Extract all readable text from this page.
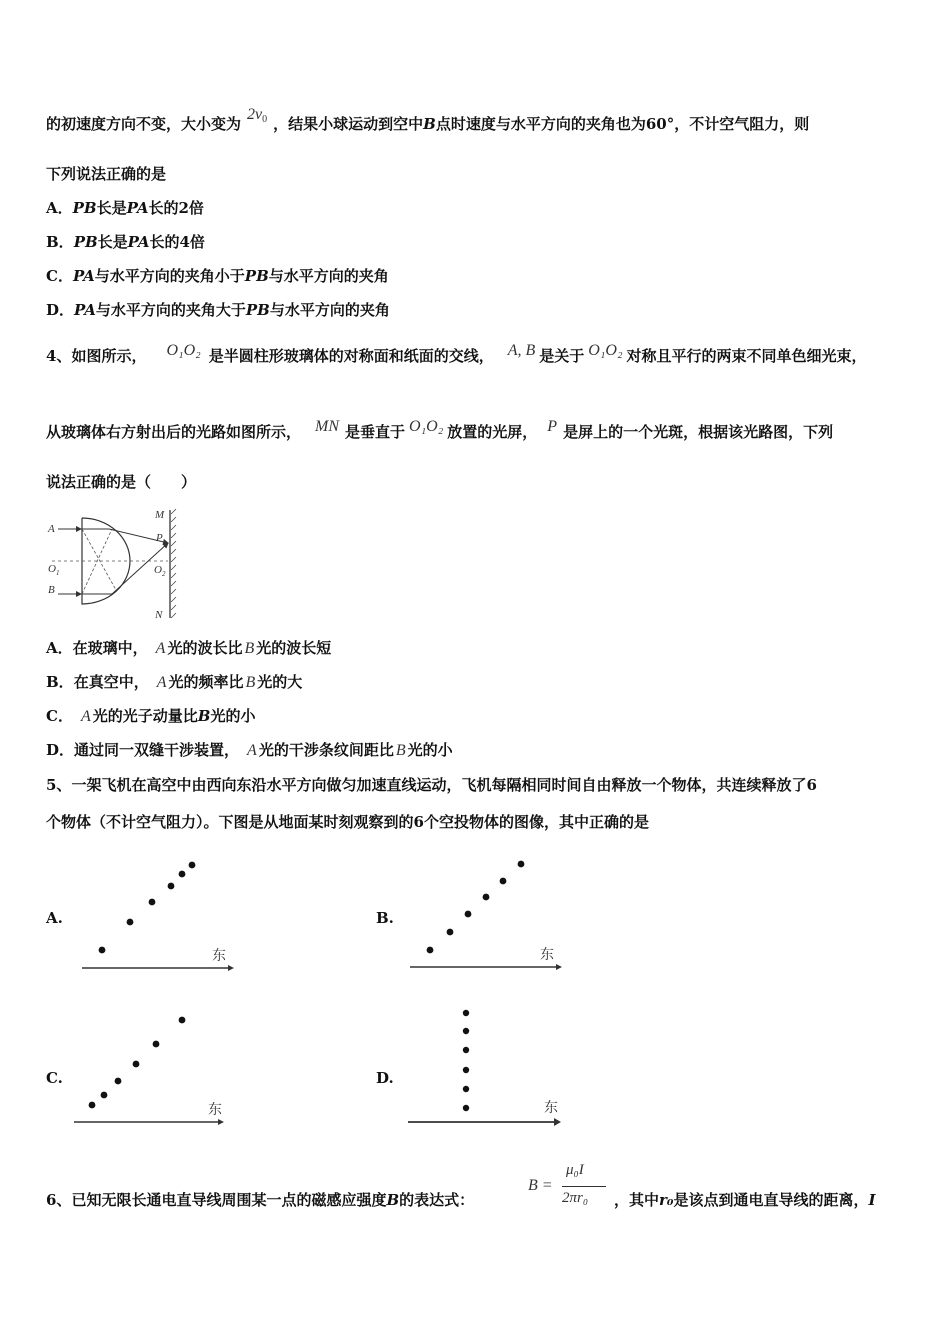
的初速度方向不变，大小变为$2v_0$ ，结果小球运动到空中B点时速度与水平方向的夹角也为60°，不计空气阻力，则
下列说法正确的是
A．PB长是PA长的2倍
B．PB长是PA长的4倍
C．PA与水平方向的夹角小于PB与水平方向的夹角
D．PA与水平方向的夹角大于PB与水平方向的夹角
4、如图所示， O₁O₂ 是半圆柱形玻璃体的对称面和纸面的交线， A, B 是关于 O₁O₂ 对称且平行的两束不同单色细光束，
从玻璃体右方射出后的光路如图所示， MN 是垂直于 O₁O₂ 放置的光屏， P 是屏上的一个光斑，根据该光路图，下列
说法正确的是（　　）
A
B
$O_1$	$O_2$
M
P
N
A．在玻璃中， A 光的波长比 B 光的波长短
B．在真空中， A 光的频率比 B 光的大
C． A 光的光子动量比B光的小
D．通过同一双缝干涉装置， A 光的干涉条纹间距比 B 光的小
5、一架飞机在高空中由西向东沿水平方向做匀加速直线运动，飞机每隔相同时间自由释放一个物体，共连续释放了6
个物体（不计空气阻力）。下图是从地面某时刻观察到的6个空投物体的图像，其中正确的是
A.
东
B.
东
C.
东
D.
东
6、已知无限长通电直导线周围某一点的磁感应强度B的表达式：
B =
μ₀I
2πr₀ ，其中r₀是该点到通电直导线的距离，I
